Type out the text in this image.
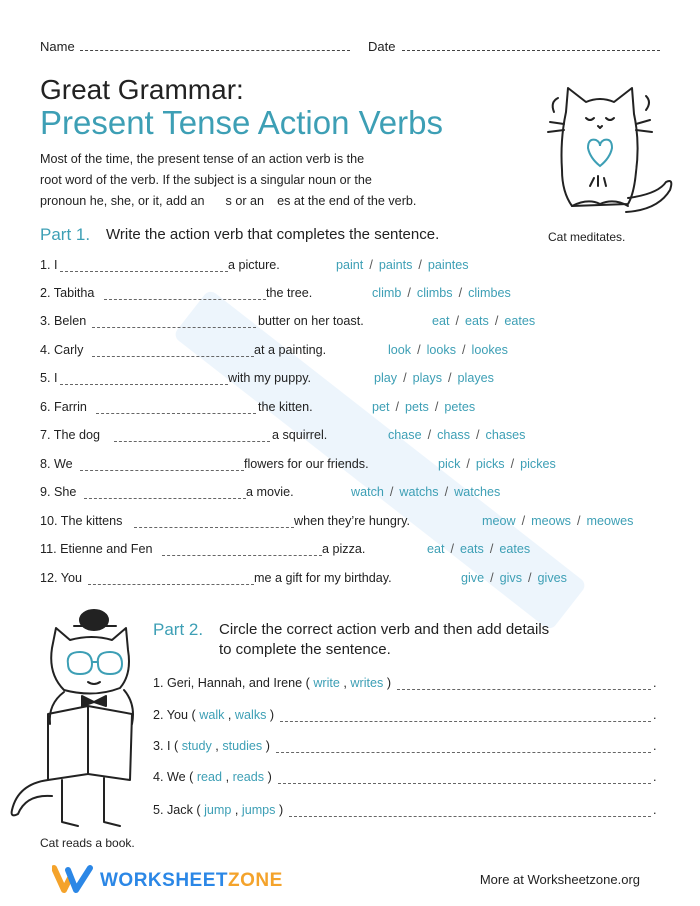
Name	Date
Great Grammar:
Present Tense Action Verbs
Most of the time, the present tense of an action verb is the
root word of the verb. If the subject is a singular noun or the
pronoun he, she, or it, add an s or an es at the end of the verb.
Cat meditates.
Part 1. Write the action verb that completes the sentence.
1. I	a picture.	paint / paints / paintes
2. Tabitha	the tree.	climb / climbs / climbes
3. Belen	butter on her toast.	eat / eats / eates
4. Carly	at a painting.	look / looks / lookes
5. I	with my puppy.	play / plays / playes
6. Farrin	the kitten.	pet / pets / petes
7. The dog	a squirrel.	chase / chass / chases
8. We	flowers for our friends.	pick / picks / pickes
9. She	a movie.	watch / watchs / watches
10. The kittens	when they’re hungry.	meow / meows / meowes
11. Etienne and Fen	a pizza.	eat / eats / eates
12. You	me a gift for my birthday.	give / givs / gives
Cat reads a book.
Part 2. Circle the correct action verb and then add details
to complete the sentence.
1. Geri, Hannah, and Irene ( write , writes )	.
2. You ( walk , walks )	.
3. I ( study , studies )	.
4. We ( read , reads )	.
5. Jack ( jump , jumps )	.
WORKSHEETZONE	More at Worksheetzone.org
